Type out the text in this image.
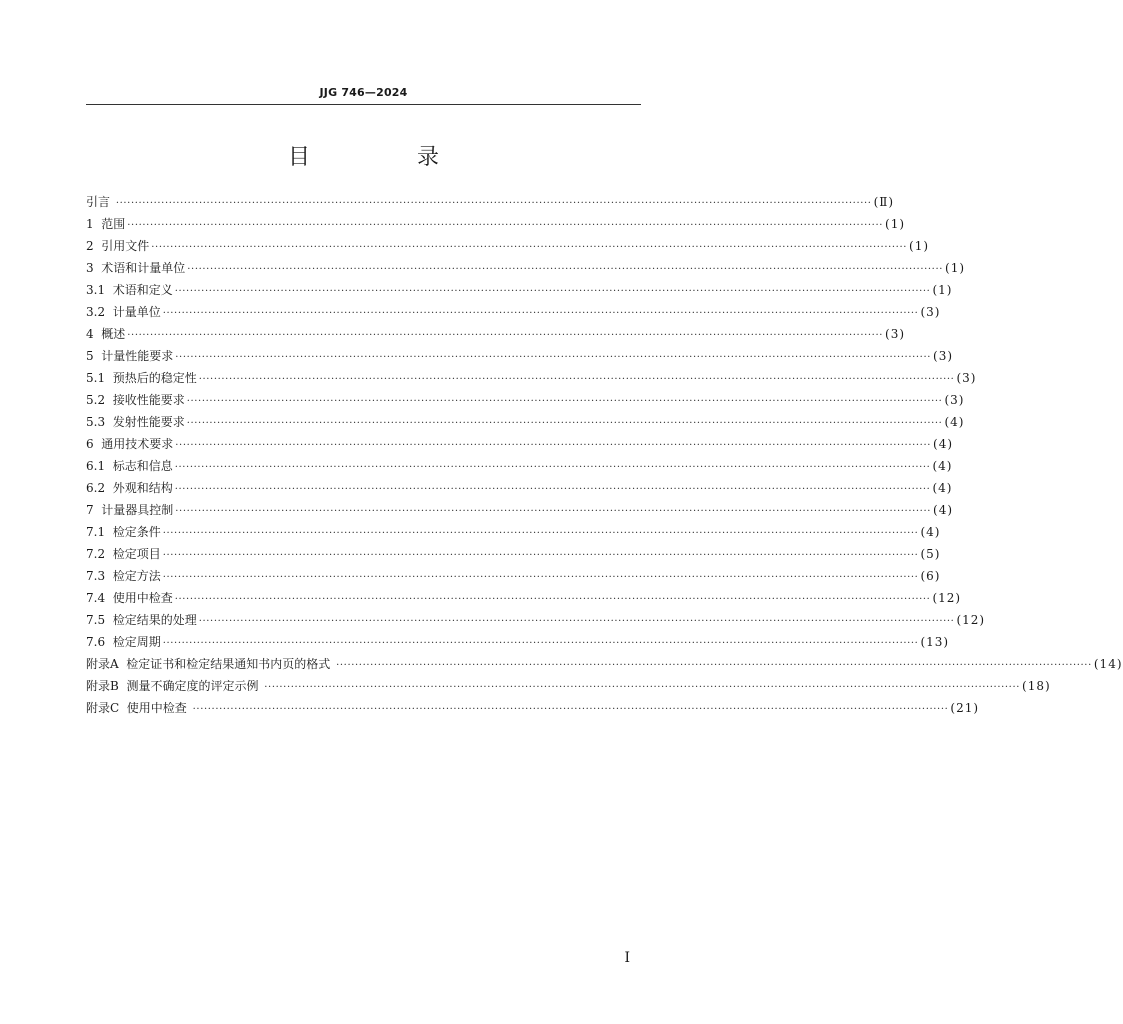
JJG 746—2024
目 录
引言 ········································································································································································································ (Ⅱ)
1  范围 ········································································································································································································ (1)
2  引用文件 ········································································································································································································ (1)
3  术语和计量单位 ········································································································································································································ (1)
3.1  术语和定义 ········································································································································································································ (1)
3.2  计量单位 ········································································································································································································ (3)
4  概述 ········································································································································································································ (3)
5  计量性能要求 ········································································································································································································ (3)
5.1  预热后的稳定性 ········································································································································································································ (3)
5.2  接收性能要求 ········································································································································································································ (3)
5.3  发射性能要求 ········································································································································································································ (4)
6  通用技术要求 ········································································································································································································ (4)
6.1  标志和信息 ········································································································································································································ (4)
6.2  外观和结构 ········································································································································································································ (4)
7  计量器具控制 ········································································································································································································ (4)
7.1  检定条件 ········································································································································································································ (4)
7.2  检定项目 ········································································································································································································ (5)
7.3  检定方法 ········································································································································································································ (6)
7.4  使用中检查 ········································································································································································································ (12)
7.5  检定结果的处理 ········································································································································································································ (12)
7.6  检定周期 ········································································································································································································ (13)
附录A  检定证书和检定结果通知书内页的格式 ········································································································································································································ (14)
附录B  测量不确定度的评定示例 ········································································································································································································ (18)
附录C  使用中检查 ········································································································································································································ (21)
I
